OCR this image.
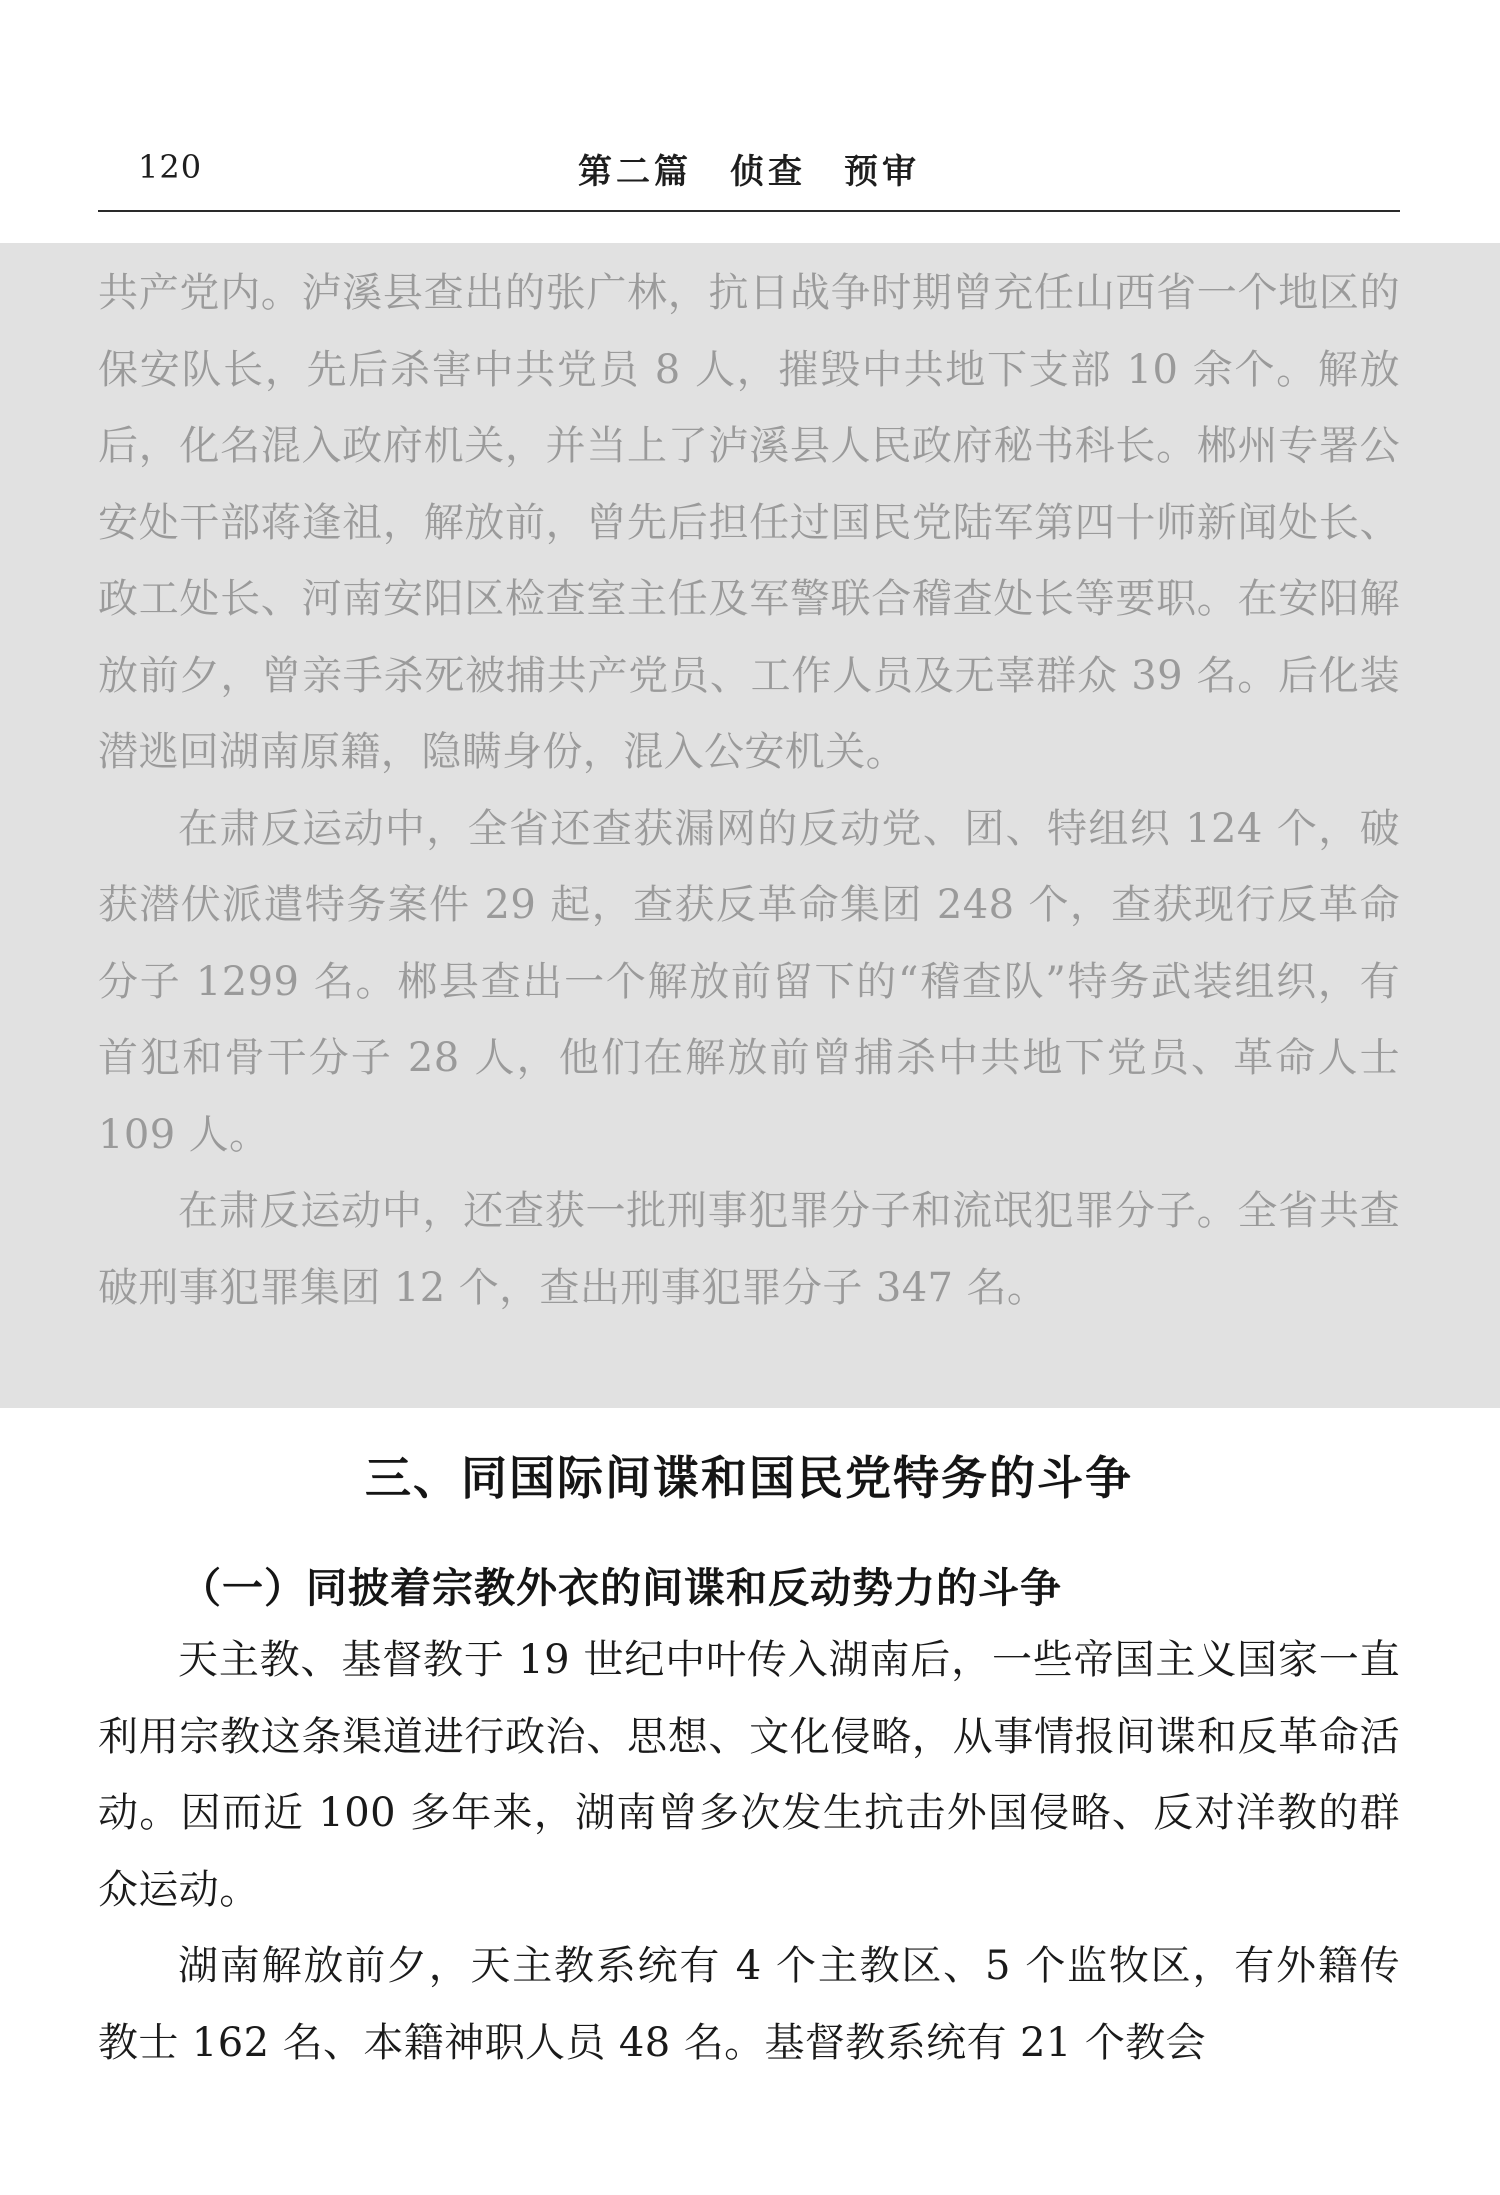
120	第二篇　侦查　预审

共产党内。泸溪县查出的张广林，抗日战争时期曾充任山西省一个地区的保安队长，先后杀害中共党员 8 人，摧毁中共地下支部 10 余个。解放后，化名混入政府机关，并当上了泸溪县人民政府秘书科长。郴州专署公安处干部蒋逢祖，解放前，曾先后担任过国民党陆军第四十师新闻处长、政工处长、河南安阳区检查室主任及军警联合稽查处长等要职。在安阳解放前夕，曾亲手杀死被捕共产党员、工作人员及无辜群众 39 名。后化装潜逃回湖南原籍，隐瞒身份，混入公安机关。

在肃反运动中，全省还查获漏网的反动党、团、特组织 124 个，破获潜伏派遣特务案件 29 起，查获反革命集团 248 个，查获现行反革命分子 1299 名。郴县查出一个解放前留下的“稽查队”特务武装组织，有首犯和骨干分子 28 人，他们在解放前曾捕杀中共地下党员、革命人士 109 人。

在肃反运动中，还查获一批刑事犯罪分子和流氓犯罪分子。全省共查破刑事犯罪集团 12 个，查出刑事犯罪分子 347 名。

三、同国际间谍和国民党特务的斗争
（一）同披着宗教外衣的间谍和反动势力的斗争

天主教、基督教于 19 世纪中叶传入湖南后，一些帝国主义国家一直利用宗教这条渠道进行政治、思想、文化侵略，从事情报间谍和反革命活动。因而近 100 多年来，湖南曾多次发生抗击外国侵略、反对洋教的群众运动。

湖南解放前夕，天主教系统有 4 个主教区、5 个监牧区，有外籍传教士 162 名、本籍神职人员 48 名。基督教系统有 21 个教会
